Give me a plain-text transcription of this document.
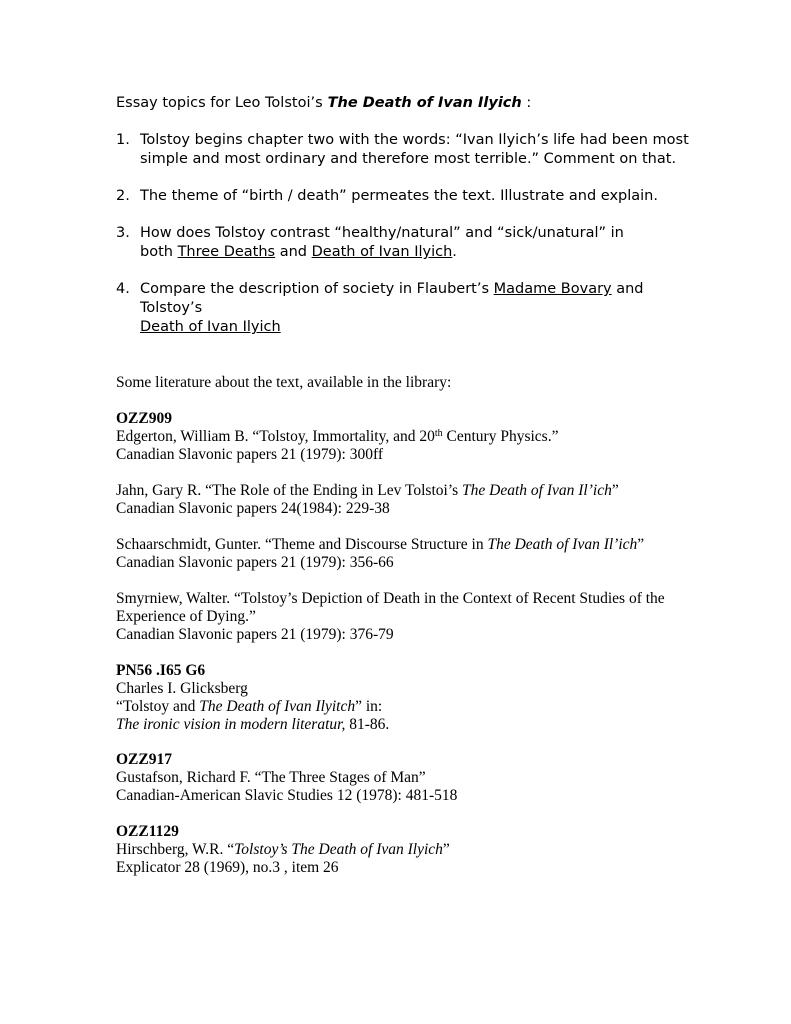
Essay topics for Leo Tolstoi’s The Death of Ivan Ilyich :
1. Tolstoy begins chapter two with the words: “Ivan Ilyich’s life had been most simple and most ordinary and therefore most terrible.” Comment on that.
2. The theme of “birth / death” permeates the text. Illustrate and explain.
3. How does Tolstoy contrast “healthy/natural” and “sick/unatural” in both Three Deaths and Death of Ivan Ilyich.
4. Compare the description of society in Flaubert’s Madame Bovary and Tolstoy’s
Death of Ivan Ilyich
Some literature about the text, available in the library:
OZZ909
Edgerton, William B. “Tolstoy, Immortality, and 20th Century Physics.”
Canadian Slavonic papers 21 (1979): 300ff
Jahn, Gary R. “The Role of the Ending in Lev Tolstoi’s The Death of Ivan Il’ich”
Canadian Slavonic papers 24(1984): 229-38
Schaarschmidt, Gunter. “Theme and Discourse Structure in The Death of Ivan Il’ich”
Canadian Slavonic papers 21 (1979): 356-66
Smyrniew, Walter. “Tolstoy’s Depiction of Death in the Context of Recent Studies of the Experience of Dying.”
Canadian Slavonic papers 21 (1979): 376-79
PN56 .I65 G6
Charles I. Glicksberg
“Tolstoy and The Death of Ivan Ilyitch” in:
The ironic vision in modern literatur, 81-86.
OZZ917
Gustafson, Richard F. “The Three Stages of Man”
Canadian-American Slavic Studies 12 (1978): 481-518
OZZ1129
Hirschberg, W.R. “Tolstoy’s The Death of Ivan Ilyich”
Explicator 28 (1969), no.3 , item 26
